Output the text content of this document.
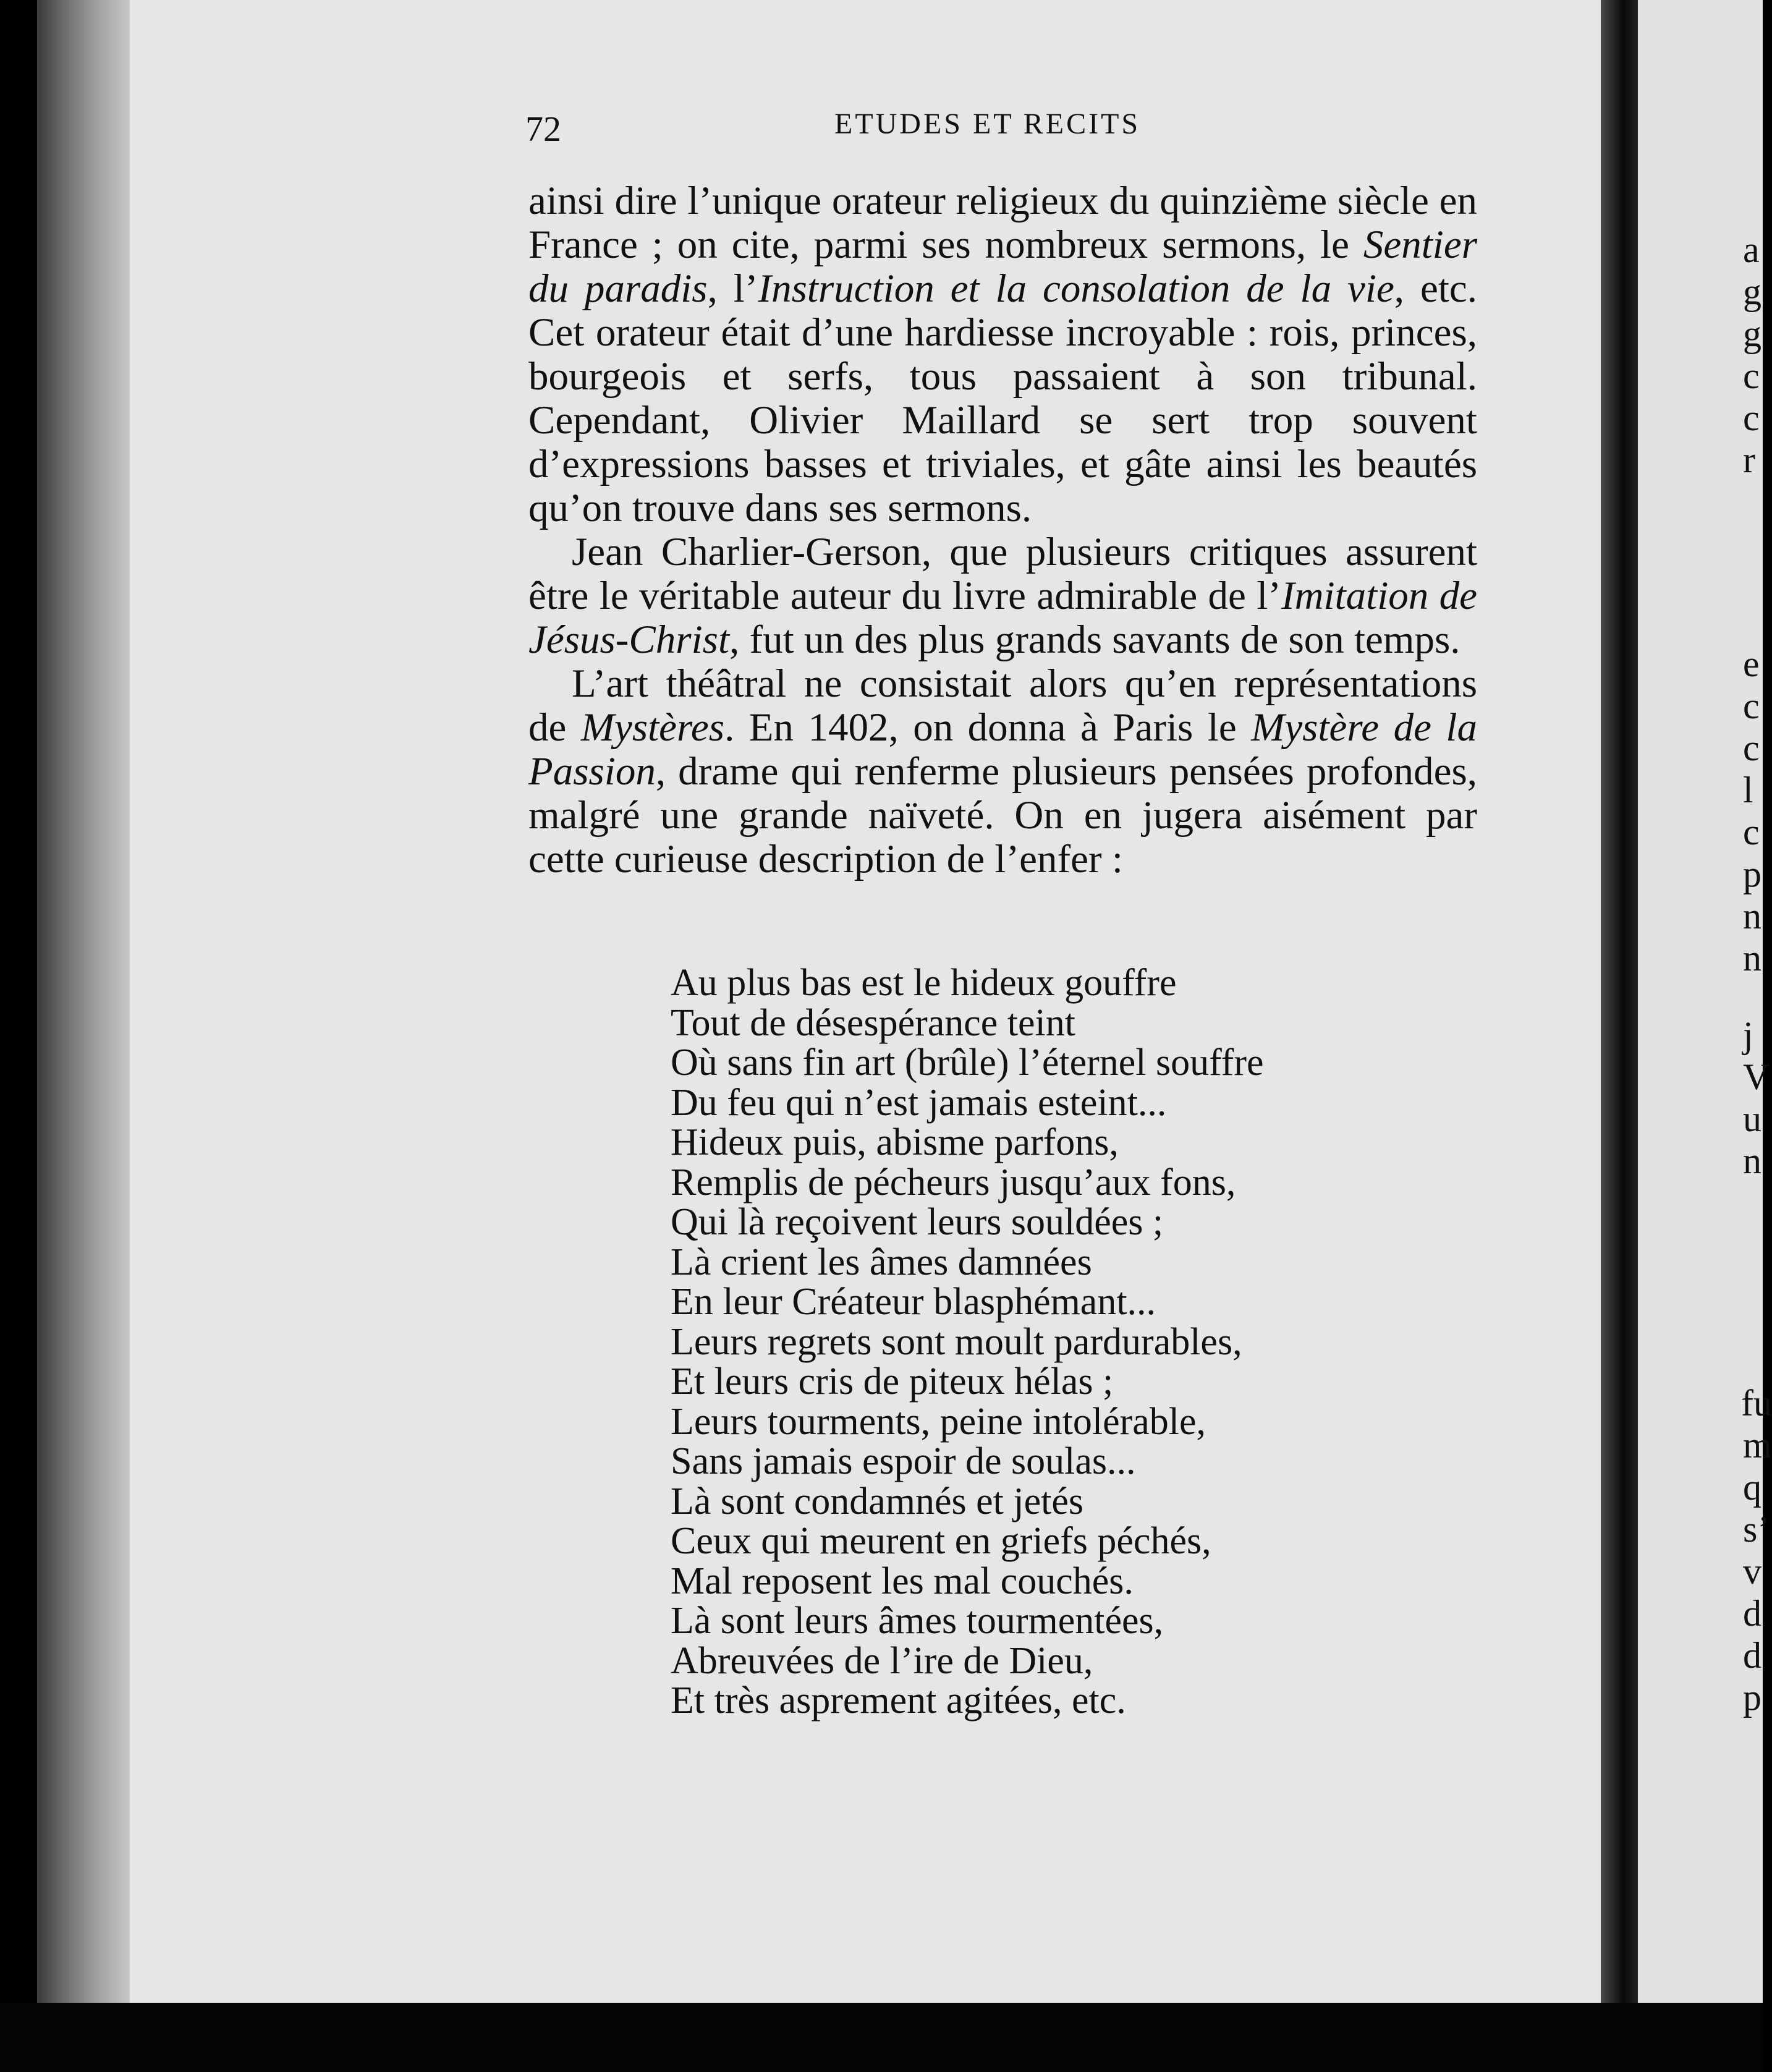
72	ETUDES ET RECITS

ainsi dire l’unique orateur religieux du quinzième siècle en France ; on cite, parmi ses nombreux sermons, le Sentier du paradis, l’Instruction et la consolation de la vie, etc. Cet orateur était d’une hardiesse incroyable : rois, princes, bourgeois et serfs, tous passaient à son tribunal. Cependant, Olivier Maillard se sert trop souvent d’expressions basses et triviales, et gâte ainsi les beautés qu’on trouve dans ses sermons.

Jean Charlier-Gerson, que plusieurs critiques assurent être le véritable auteur du livre admirable de l’Imitation de Jésus-Christ, fut un des plus grands savants de son temps.

L’art théâtral ne consistait alors qu’en représentations de Mystères. En 1402, on donna à Paris le Mystère de la Passion, drame qui renferme plusieurs pensées profondes, malgré une grande naïveté. On en jugera aisément par cette curieuse description de l’enfer :

Au plus bas est le hideux gouffre
Tout de désespérance teint
Où sans fin art (brûle) l’éternel souffre
Du feu qui n’est jamais esteint...
Hideux puis, abisme parfons,
Remplis de pécheurs jusqu’aux fons,
Qui là reçoivent leurs souldées ;
Là crient les âmes damnées
En leur Créateur blasphémant...
Leurs regrets sont moult pardurables,
Et leurs cris de piteux hélas ;
Leurs tourments, peine intolérable,
Sans jamais espoir de soulas...
Là sont condamnés et jetés
Ceux qui meurent en griefs péchés,
Mal reposent les mal couchés.
Là sont leurs âmes tourmentées,
Abreuvées de l’ire de Dieu,
Et très asprement agitées, etc.
a
g
g
c
c
r
e
c
c
l
c
p
n
n
j
V
u
n
fu
m
q
s’
v
d
d
p
